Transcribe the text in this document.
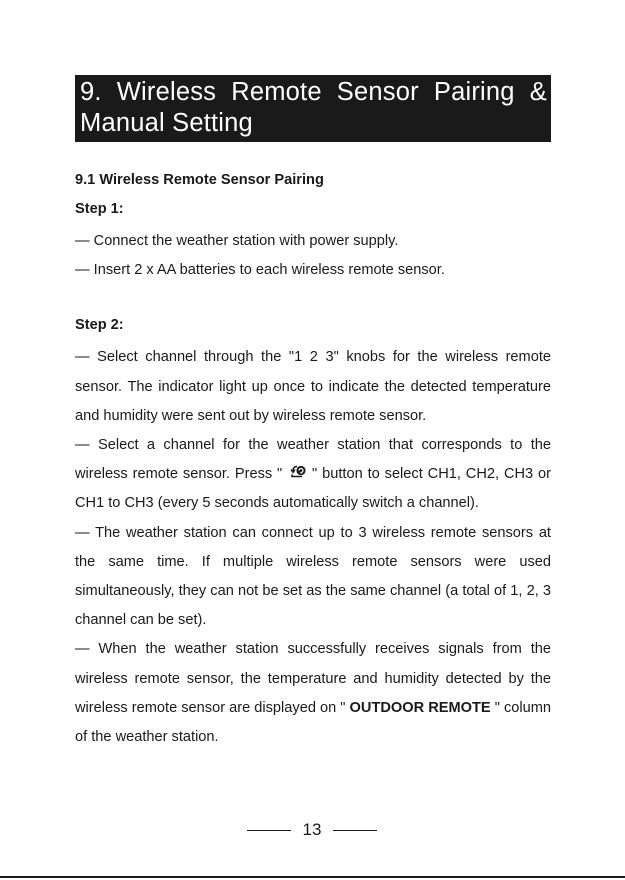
9. Wireless Remote Sensor Pairing &
Manual Setting
9.1 Wireless Remote Sensor Pairing
Step 1:

— Connect the weather station with power supply.

— Insert 2 x AA batteries to each wireless remote sensor.

Step 2:

— Select channel through the "1 2 3" knobs for the wireless remote sensor. The indicator light up once to indicate the detected temperature and humidity were sent out by wireless remote sensor.

— Select a channel for the weather station that corresponds to the wireless remote sensor. Press " " button to select CH1, CH2, CH3 or CH1 to CH3 (every 5 seconds automatically switch a channel).

— The weather station can connect up to 3 wireless remote sensors at the same time. If multiple wireless remote sensors were used simultaneously, they can not be set as the same channel (a total of 1, 2, 3 channel can be set).

— When the weather station successfully receives signals from the wireless remote sensor, the temperature and humidity detected by the wireless remote sensor are displayed on " OUTDOOR REMOTE " column of the weather station.

13
